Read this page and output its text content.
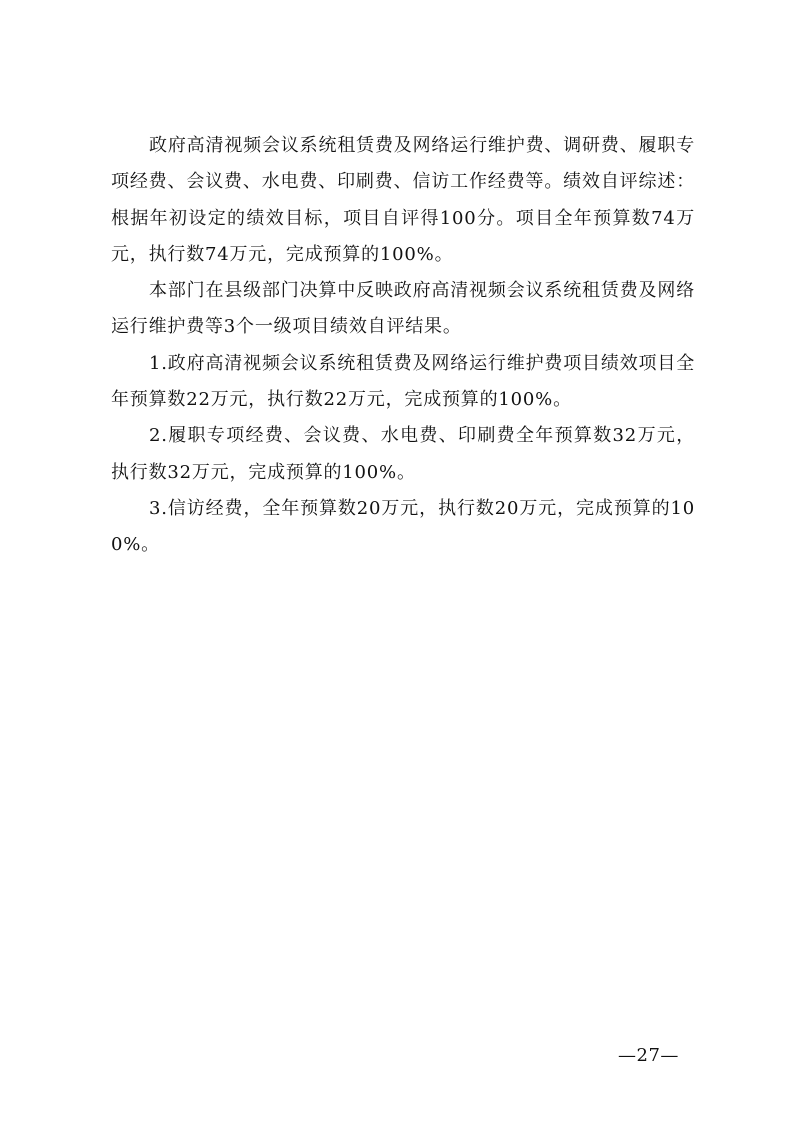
政府高清视频会议系统租赁费及网络运行维护费、调研费、履职专项经费、会议费、水电费、印刷费、信访工作经费等。绩效自评综述：根据年初设定的绩效目标，项目自评得100分。项目全年预算数74万元，执行数74万元，完成预算的100%。

本部门在县级部门决算中反映政府高清视频会议系统租赁费及网络运行维护费等3个一级项目绩效自评结果。

1.政府高清视频会议系统租赁费及网络运行维护费项目绩效项目全年预算数22万元，执行数22万元，完成预算的100%。

2.履职专项经费、会议费、水电费、印刷费全年预算数32万元，执行数32万元，完成预算的100%。

3.信访经费，全年预算数20万元，执行数20万元，完成预算的100%。

—27—
